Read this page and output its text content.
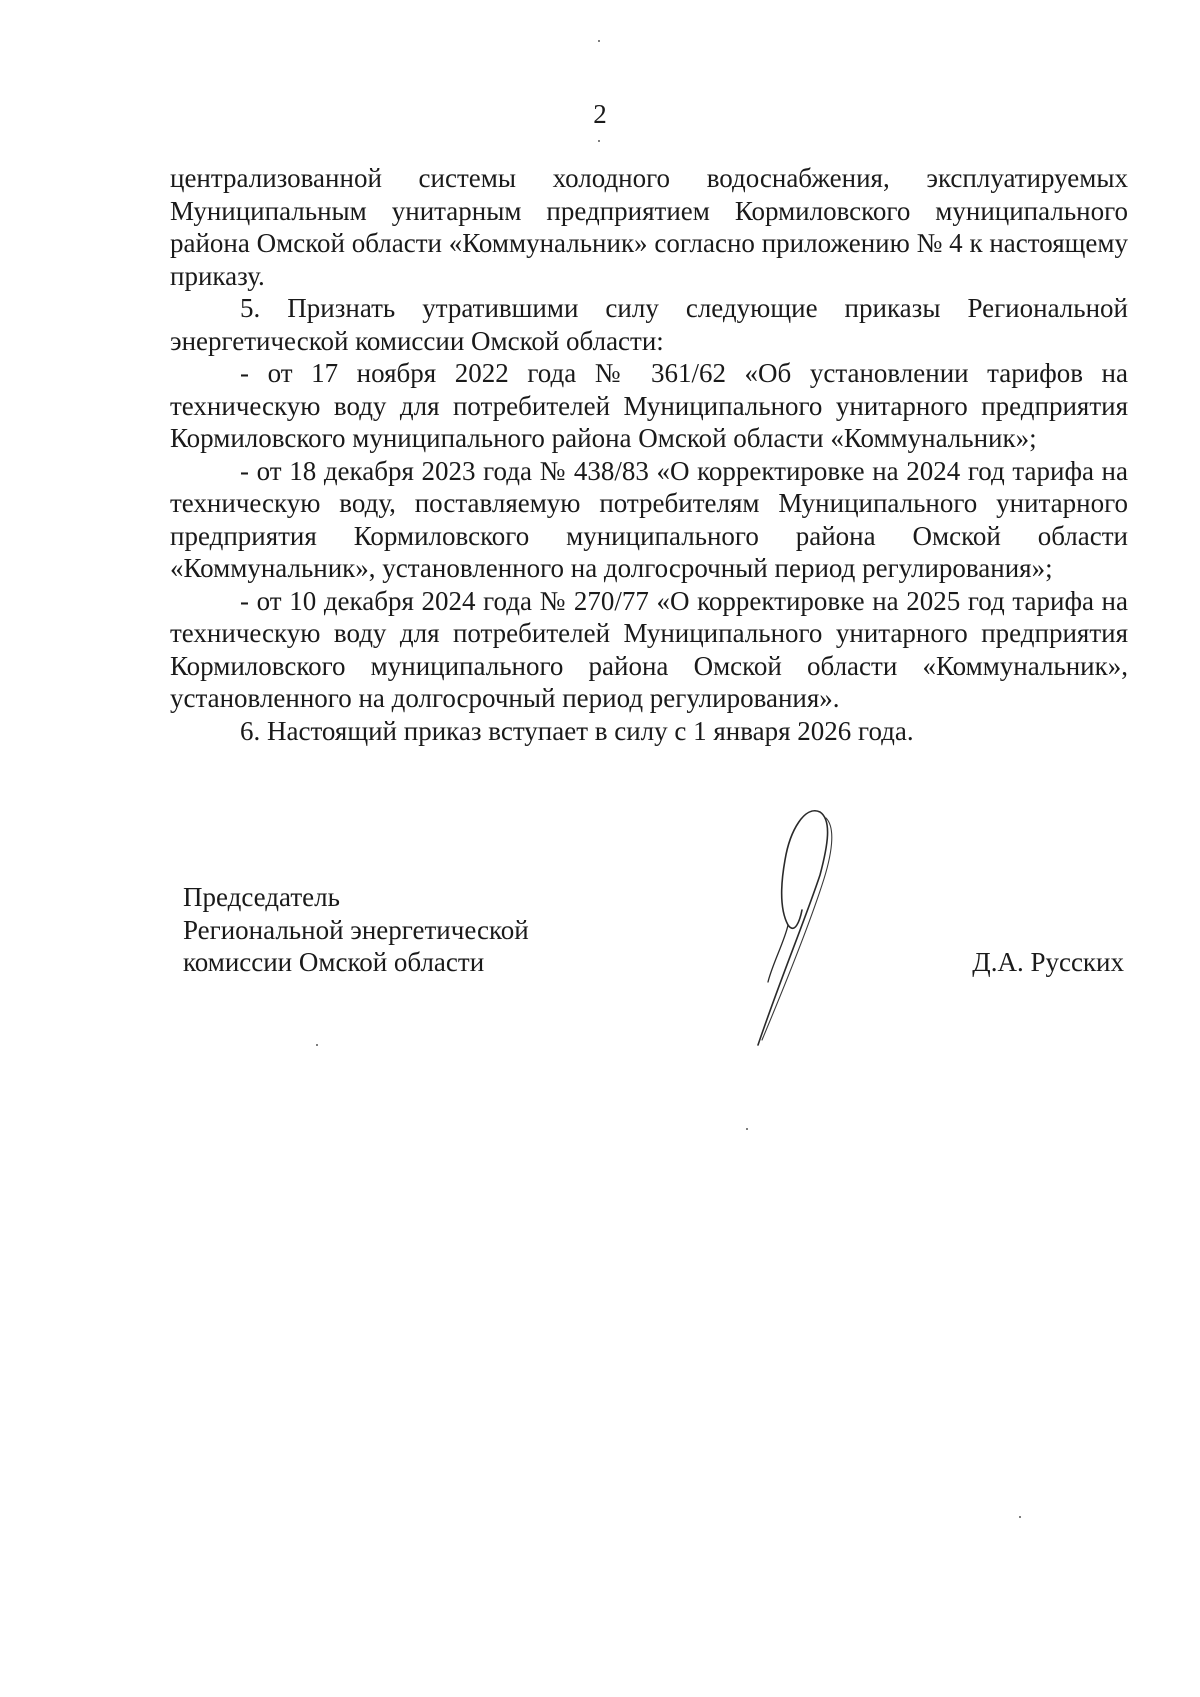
2

централизованной системы холодного водоснабжения, эксплуатируемых Муниципальным унитарным предприятием Кормиловского муниципального района Омской области «Коммунальник» согласно приложению № 4 к настоящему приказу.

5. Признать утратившими силу следующие приказы Региональной энергетической комиссии Омской области:

- от 17 ноября 2022 года № 361/62 «Об установлении тарифов на техническую воду для потребителей Муниципального унитарного предприятия Кормиловского муниципального района Омской области «Коммунальник»;

- от 18 декабря 2023 года № 438/83 «О корректировке на 2024 год тарифа на техническую воду, поставляемую потребителям Муниципального унитарного предприятия Кормиловского муниципального района Омской области «Коммунальник», установленного на долгосрочный период регулирования»;

- от 10 декабря 2024 года № 270/77 «О корректировке на 2025 год тарифа на техническую воду для потребителей Муниципального унитарного предприятия Кормиловского муниципального района Омской области «Коммунальник», установленного на долгосрочный период регулирования».

6. Настоящий приказ вступает в силу с 1 января 2026 года.

Председатель
Региональной энергетической
комиссии Омской области	Д.А. Русских
